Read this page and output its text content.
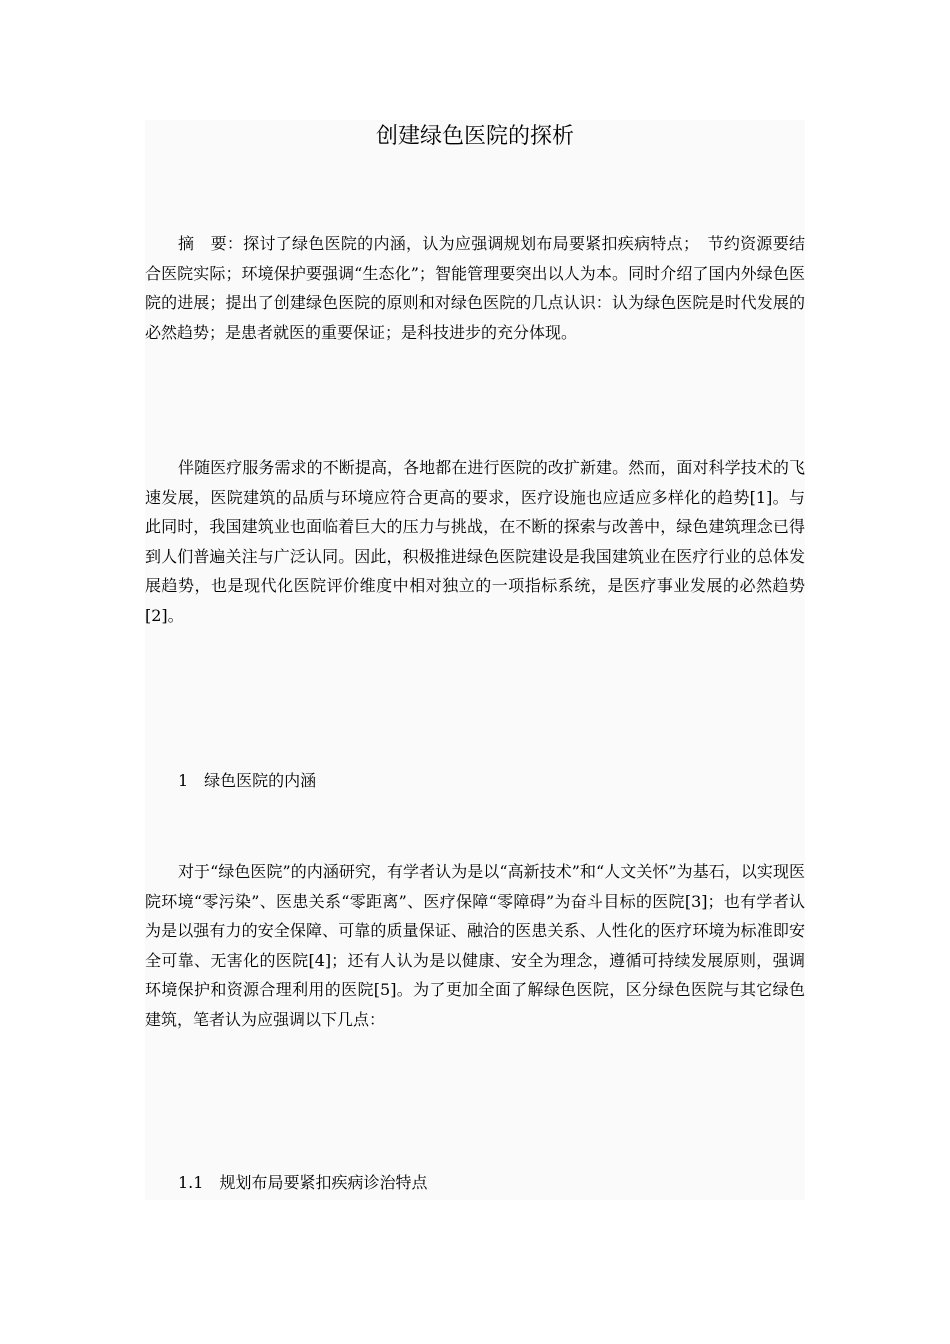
创建绿色医院的探析

摘　要：探讨了绿色医院的内涵，认为应强调规划布局要紧扣疾病特点；　节约资源要结合医院实际；环境保护要强调“生态化”；智能管理要突出以人为本。同时介绍了国内外绿色医院的进展；提出了创建绿色医院的原则和对绿色医院的几点认识：认为绿色医院是时代发展的必然趋势；是患者就医的重要保证；是科技进步的充分体现。

伴随医疗服务需求的不断提高，各地都在进行医院的改扩新建。然而，面对科学技术的飞速发展，医院建筑的品质与环境应符合更高的要求，医疗设施也应适应多样化的趋势[1]。与此同时，我国建筑业也面临着巨大的压力与挑战，在不断的探索与改善中，绿色建筑理念已得到人们普遍关注与广泛认同。因此，积极推进绿色医院建设是我国建筑业在医疗行业的总体发展趋势，也是现代化医院评价维度中相对独立的一项指标系统，是医疗事业发展的必然趋势[2]。

1　绿色医院的内涵

对于“绿色医院”的内涵研究，有学者认为是以“高新技术”和“人文关怀”为基石，以实现医院环境“零污染”、医患关系“零距离”、医疗保障“零障碍”为奋斗目标的医院[3]；也有学者认为是以强有力的安全保障、可靠的质量保证、融洽的医患关系、人性化的医疗环境为标准即安全可靠、无害化的医院[4]；还有人认为是以健康、安全为理念，遵循可持续发展原则，强调环境保护和资源合理利用的医院[5]。为了更加全面了解绿色医院，区分绿色医院与其它绿色建筑，笔者认为应强调以下几点：

1.1　规划布局要紧扣疾病诊治特点
